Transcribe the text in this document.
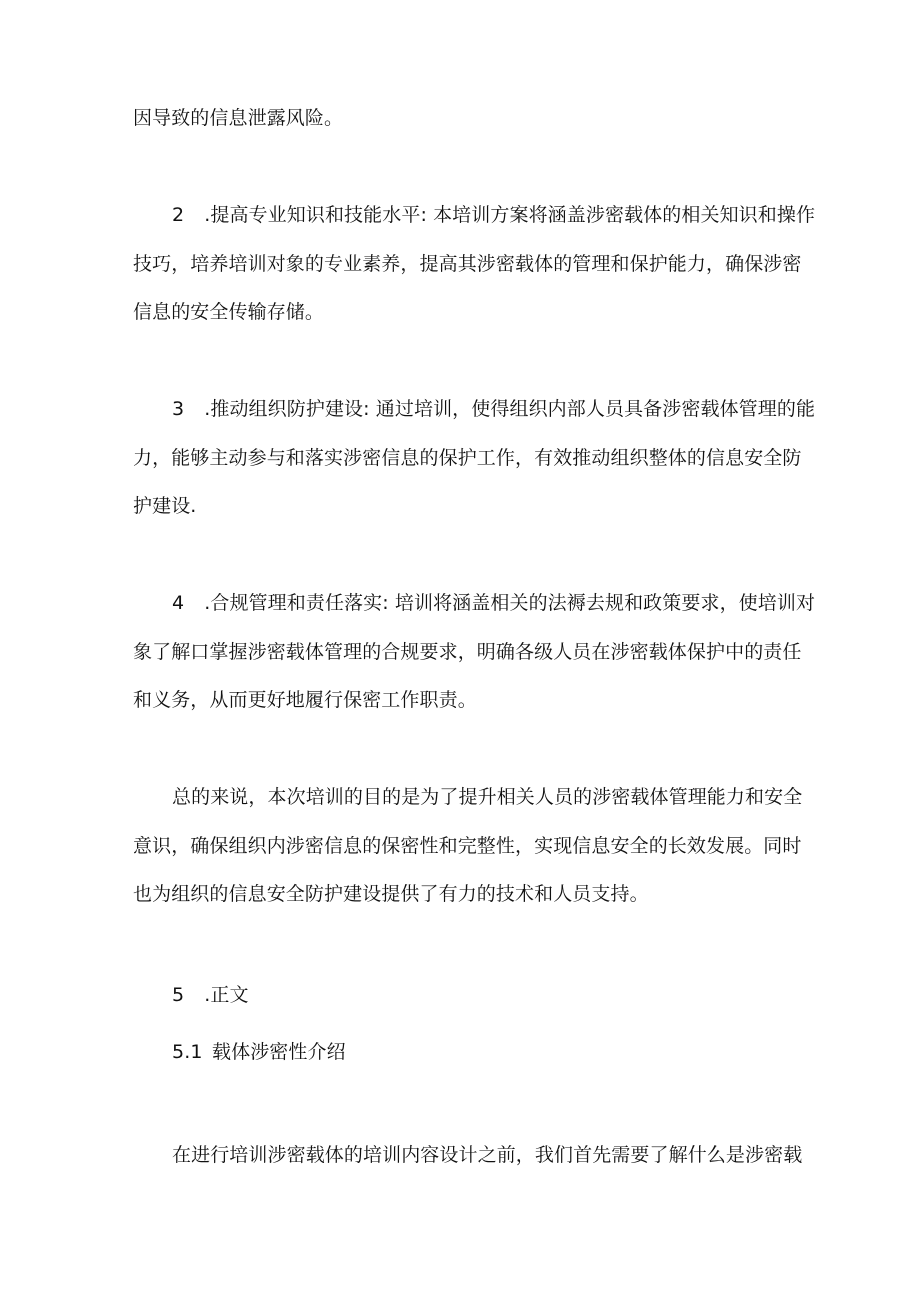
因导致的信息泄露风险。
2 .提高专业知识和技能水平: 本培训方案将涵盖涉密载体的相关知识和操作
技巧，培养培训对象的专业素养，提高其涉密载体的管理和保护能力，确保涉密
信息的安全传输存储。
3 .推动组织防护建设: 通过培训，使得组织内部人员具备涉密载体管理的能
力，能够主动参与和落实涉密信息的保护工作，有效推动组织整体的信息安全防
护建设.
4 .合规管理和责任落实: 培训将涵盖相关的法褥去规和政策要求，使培训对
象了解口掌握涉密载体管理的合规要求，明确各级人员在涉密载体保护中的责任
和义务，从而更好地履行保密工作职责。
总的来说，本次培训的目的是为了提升相关人员的涉密载体管理能力和安全
意识，确保组织内涉密信息的保密性和完整性，实现信息安全的长效发展。同时
也为组织的信息安全防护建设提供了有力的技术和人员支持。
5 .正文
5.1 载体涉密性介绍
在进行培训涉密载体的培训内容设计之前，我们首先需要了解什么是涉密载
